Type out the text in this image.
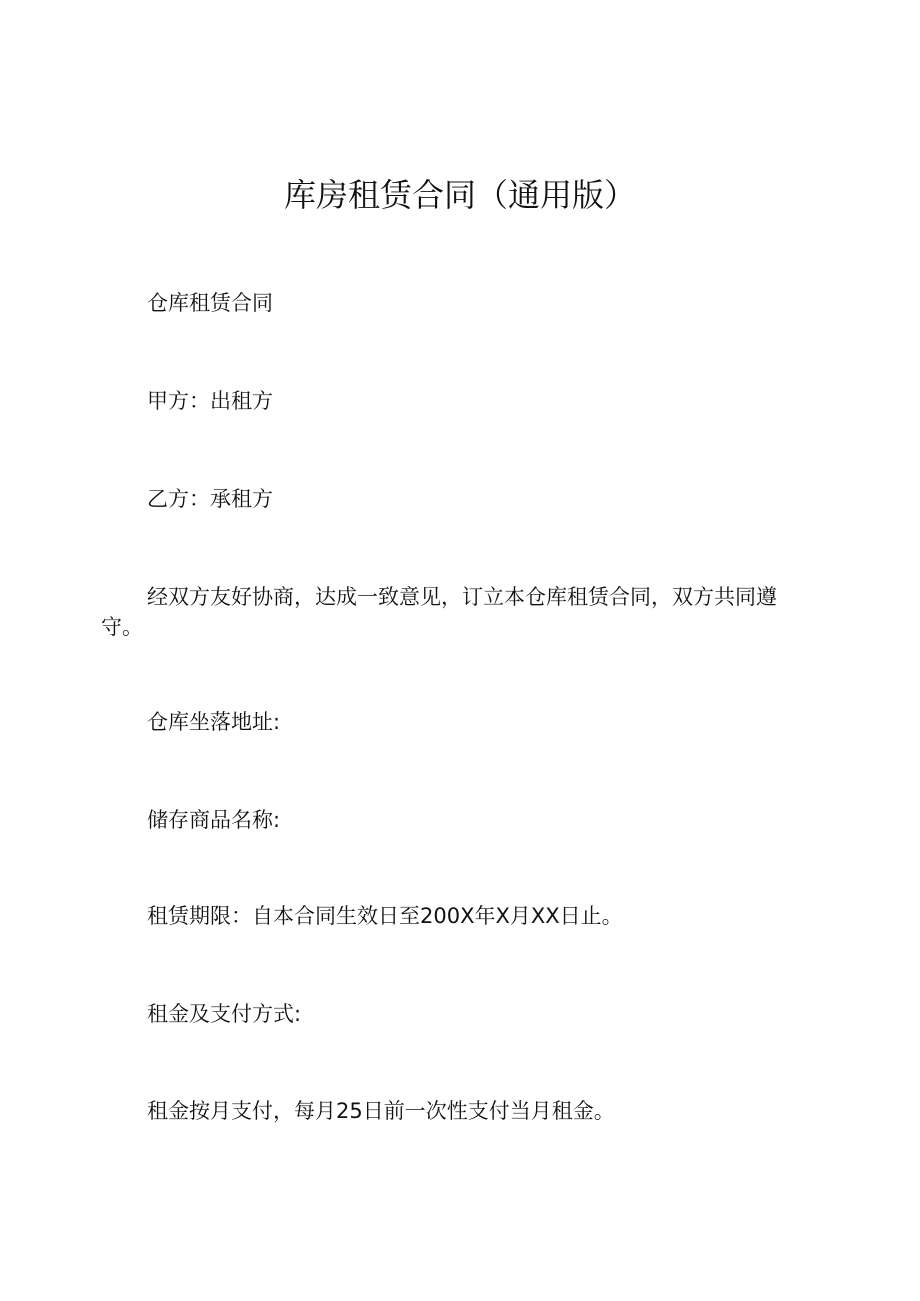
库房租赁合同（通用版）

仓库租赁合同

甲方：出租方

乙方：承租方

经双方友好协商，达成一致意见，订立本仓库租赁合同，双方共同遵守。

仓库坐落地址:

储存商品名称:

租赁期限：自本合同生效日至200X年X月XX日止。

租金及支付方式:

租金按月支付，每月25日前一次性支付当月租金。
